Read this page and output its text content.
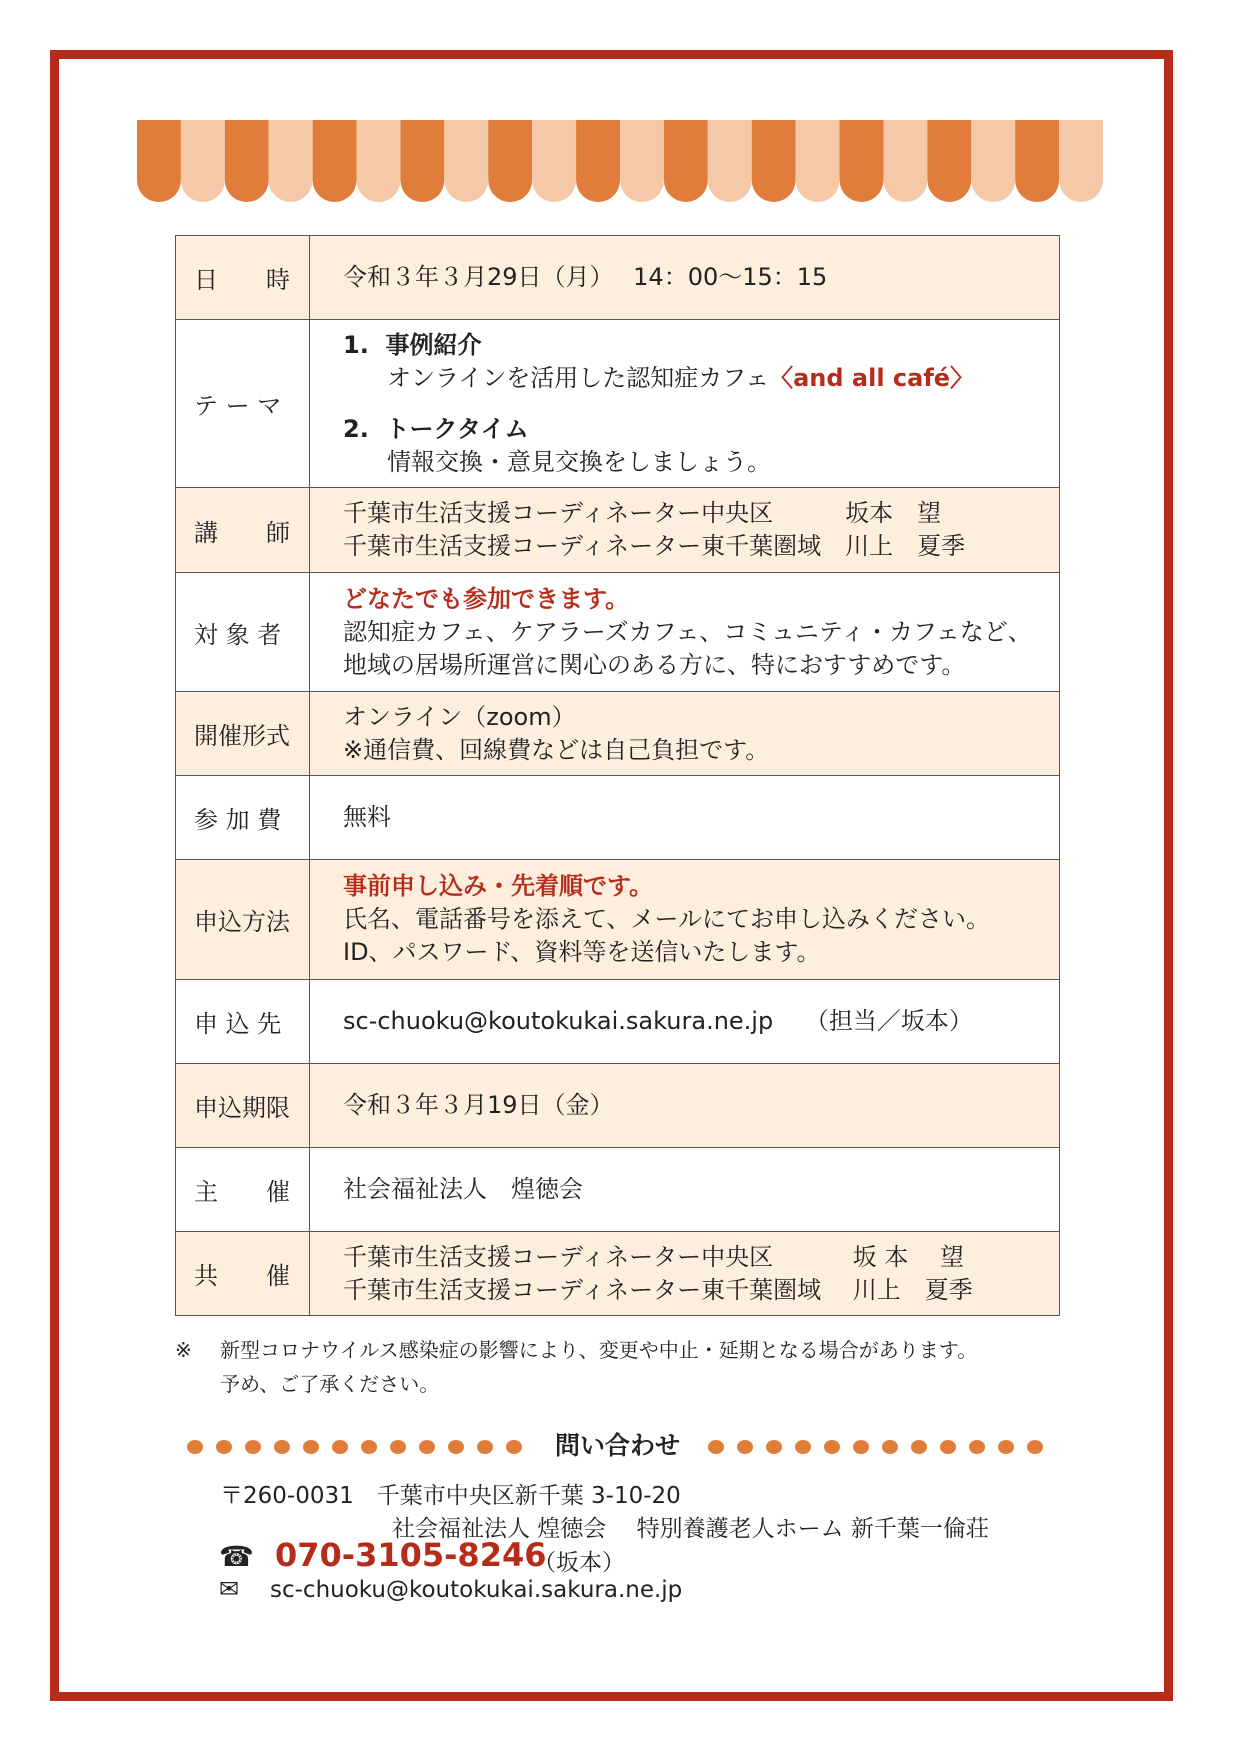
日　　時	令和３年３月29日（月）　 14：00～15：15

テ ー マ	1.  事例紹介
オンラインを活用した認知症カフェ〈and all café〉
2.  トークタイム
情報交換・意見交換をしましょう。

講　　師	千葉市生活支援コーディネーター中央区　　　坂本　望
千葉市生活支援コーディネーター東千葉圏域　川上　夏季

対 象 者	どなたでも参加できます。
認知症カフェ、ケアラーズカフェ、コミュニティ・カフェなど、
地域の居場所運営に関心のある方に、特におすすめです。

開催形式	オンライン（zoom）
※通信費、回線費などは自己負担です。

参 加 費	無料

申込方法	事前申し込み・先着順です。
氏名、電話番号を添えて、メールにてお申し込みください。
ID、パスワード、資料等を送信いたします。

申 込 先	sc-chuoku@koutokukai.sakura.ne.jp　 （担当／坂本）

申込期限	令和３年３月19日（金）

主　　催	社会福祉法人　煌徳会

共　　催	千葉市生活支援コーディネーター中央区　　　 坂 本　 望
千葉市生活支援コーディネーター東千葉圏域　 川上　夏季
※ 新型コロナウイルス感染症の影響により、変更や中止・延期となる場合があります。
予め、ご了承ください。
問い合わせ
〒260-0031　千葉市中央区新千葉 3-10-20
社会福祉法人 煌徳会　 特別養護老人ホーム 新千葉一倫荘
☎ 070-3105-8246
（坂本）
✉ sc-chuoku@koutokukai.sakura.ne.jp
